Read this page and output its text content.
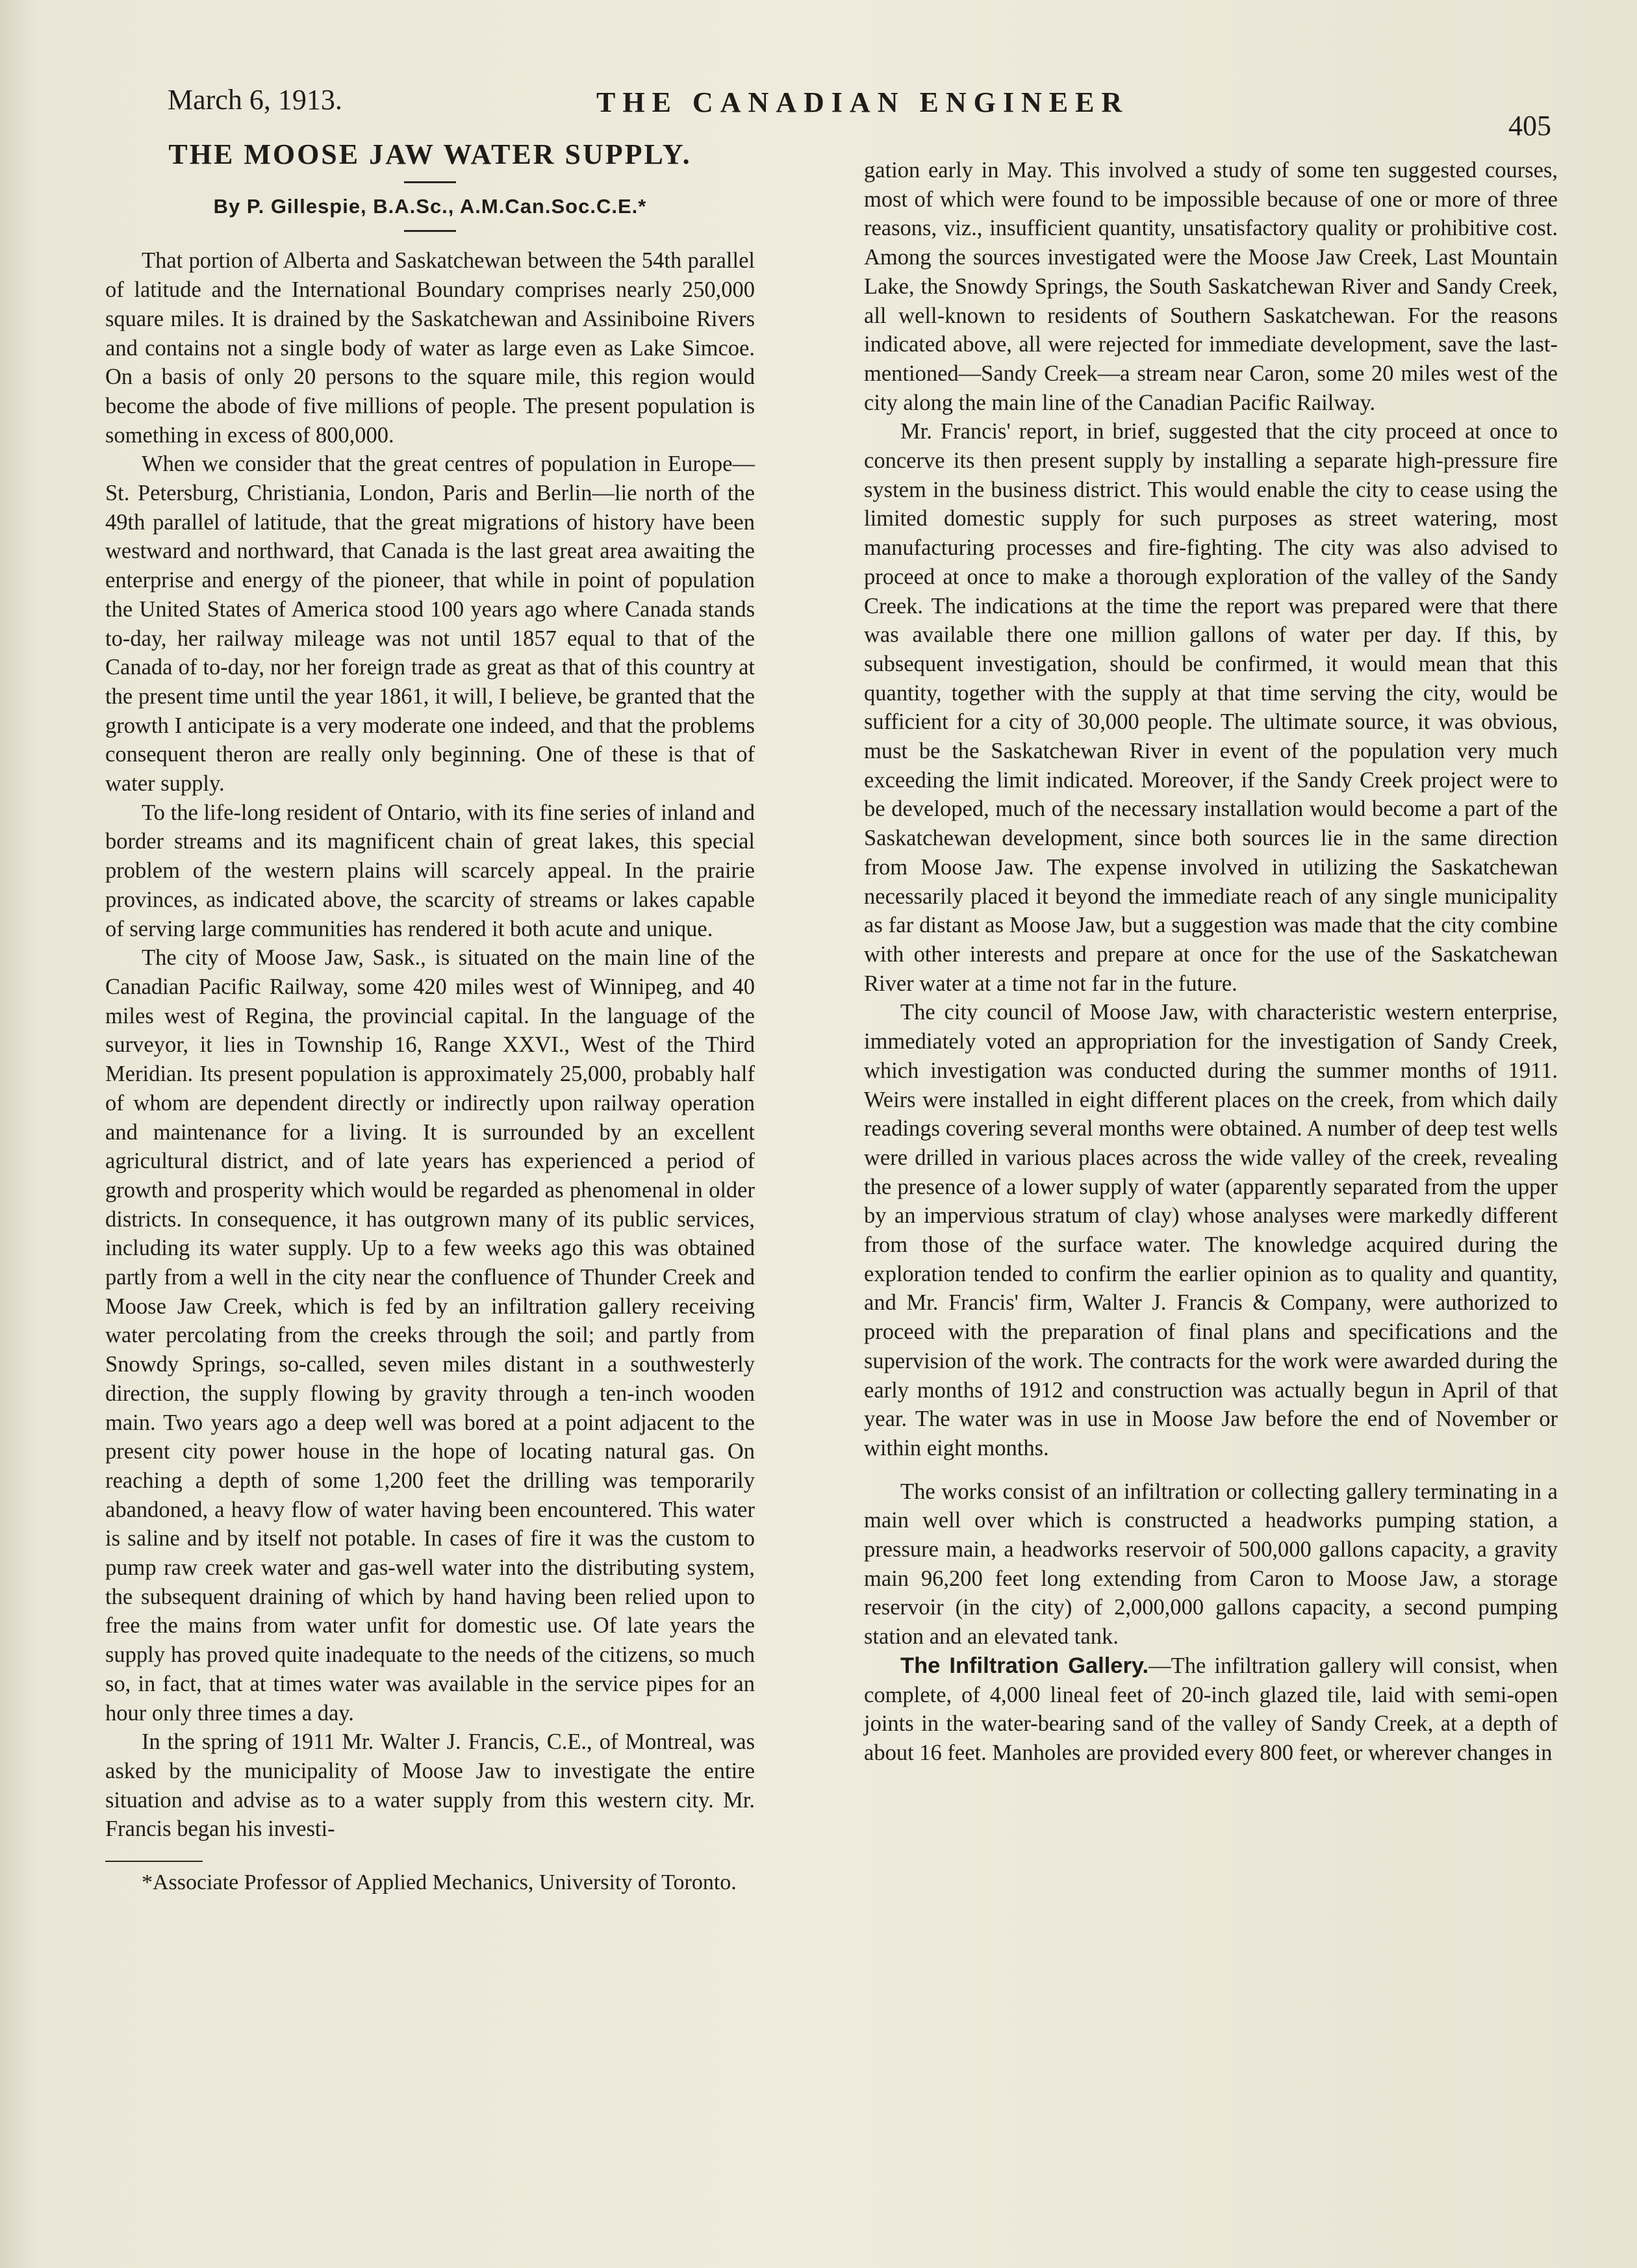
March 6, 1913.	THE CANADIAN ENGINEER
405
THE MOOSE JAW WATER SUPPLY.
By P. Gillespie, B.A.Sc., A.M.Can.Soc.C.E.*

That portion of Alberta and Saskatchewan between the 54th parallel of latitude and the International Boundary comprises nearly 250,000 square miles. It is drained by the Saskatchewan and Assiniboine Rivers and contains not a single body of water as large even as Lake Simcoe. On a basis of only 20 persons to the square mile, this region would become the abode of five millions of people. The present population is something in excess of 800,000.

When we consider that the great centres of population in Europe—St. Petersburg, Christiania, London, Paris and Berlin—lie north of the 49th parallel of latitude, that the great migrations of history have been westward and northward, that Canada is the last great area awaiting the enterprise and energy of the pioneer, that while in point of population the United States of America stood 100 years ago where Canada stands to-day, her railway mileage was not until 1857 equal to that of the Canada of to-day, nor her foreign trade as great as that of this country at the present time until the year 1861, it will, I believe, be granted that the growth I anticipate is a very moderate one indeed, and that the problems consequent theron are really only beginning. One of these is that of water supply.

To the life-long resident of Ontario, with its fine series of inland and border streams and its magnificent chain of great lakes, this special problem of the western plains will scarcely appeal. In the prairie provinces, as indicated above, the scarcity of streams or lakes capable of serving large communities has rendered it both acute and unique.

The city of Moose Jaw, Sask., is situated on the main line of the Canadian Pacific Railway, some 420 miles west of Winnipeg, and 40 miles west of Regina, the provincial capital. In the language of the surveyor, it lies in Township 16, Range XXVI., West of the Third Meridian. Its present population is approximately 25,000, probably half of whom are dependent directly or indirectly upon railway operation and maintenance for a living. It is surrounded by an excellent agricultural district, and of late years has experienced a period of growth and prosperity which would be regarded as phenomenal in older districts. In consequence, it has outgrown many of its public services, including its water supply. Up to a few weeks ago this was obtained partly from a well in the city near the confluence of Thunder Creek and Moose Jaw Creek, which is fed by an infiltration gallery receiving water percolating from the creeks through the soil; and partly from Snowdy Springs, so-called, seven miles distant in a southwesterly direction, the supply flowing by gravity through a ten-inch wooden main. Two years ago a deep well was bored at a point adjacent to the present city power house in the hope of locating natural gas. On reaching a depth of some 1,200 feet the drilling was temporarily abandoned, a heavy flow of water having been encountered. This water is saline and by itself not potable. In cases of fire it was the custom to pump raw creek water and gas-well water into the distributing system, the subsequent draining of which by hand having been relied upon to free the mains from water unfit for domestic use. Of late years the supply has proved quite inadequate to the needs of the citizens, so much so, in fact, that at times water was available in the service pipes for an hour only three times a day.

In the spring of 1911 Mr. Walter J. Francis, C.E., of Montreal, was asked by the municipality of Moose Jaw to investigate the entire situation and advise as to a water supply from this western city. Mr. Francis began his investi-

*Associate Professor of Applied Mechanics, University of Toronto.

gation early in May. This involved a study of some ten suggested courses, most of which were found to be impossible because of one or more of three reasons, viz., insufficient quantity, unsatisfactory quality or prohibitive cost. Among the sources investigated were the Moose Jaw Creek, Last Mountain Lake, the Snowdy Springs, the South Saskatchewan River and Sandy Creek, all well-known to residents of Southern Saskatchewan. For the reasons indicated above, all were rejected for immediate development, save the last-mentioned—Sandy Creek—a stream near Caron, some 20 miles west of the city along the main line of the Canadian Pacific Railway.

Mr. Francis' report, in brief, suggested that the city proceed at once to concerve its then present supply by installing a separate high-pressure fire system in the business district. This would enable the city to cease using the limited domestic supply for such purposes as street watering, most manufacturing processes and fire-fighting. The city was also advised to proceed at once to make a thorough exploration of the valley of the Sandy Creek. The indications at the time the report was prepared were that there was available there one million gallons of water per day. If this, by subsequent investigation, should be confirmed, it would mean that this quantity, together with the supply at that time serving the city, would be sufficient for a city of 30,000 people. The ultimate source, it was obvious, must be the Saskatchewan River in event of the population very much exceeding the limit indicated. Moreover, if the Sandy Creek project were to be developed, much of the necessary installation would become a part of the Saskatchewan development, since both sources lie in the same direction from Moose Jaw. The expense involved in utilizing the Saskatchewan necessarily placed it beyond the immediate reach of any single municipality as far distant as Moose Jaw, but a suggestion was made that the city combine with other interests and prepare at once for the use of the Saskatchewan River water at a time not far in the future.

The city council of Moose Jaw, with characteristic western enterprise, immediately voted an appropriation for the investigation of Sandy Creek, which investigation was conducted during the summer months of 1911. Weirs were installed in eight different places on the creek, from which daily readings covering several months were obtained. A number of deep test wells were drilled in various places across the wide valley of the creek, revealing the presence of a lower supply of water (apparently separated from the upper by an impervious stratum of clay) whose analyses were markedly different from those of the surface water. The knowledge acquired during the exploration tended to confirm the earlier opinion as to quality and quantity, and Mr. Francis' firm, Walter J. Francis & Company, were authorized to proceed with the preparation of final plans and specifications and the supervision of the work. The contracts for the work were awarded during the early months of 1912 and construction was actually begun in April of that year. The water was in use in Moose Jaw before the end of November or within eight months.

The works consist of an infiltration or collecting gallery terminating in a main well over which is constructed a headworks pumping station, a pressure main, a headworks reservoir of 500,000 gallons capacity, a gravity main 96,200 feet long extending from Caron to Moose Jaw, a storage reservoir (in the city) of 2,000,000 gallons capacity, a second pumping station and an elevated tank.

The Infiltration Gallery.—The infiltration gallery will consist, when complete, of 4,000 lineal feet of 20-inch glazed tile, laid with semi-open joints in the water-bearing sand of the valley of Sandy Creek, at a depth of about 16 feet. Manholes are provided every 800 feet, or wherever changes in
